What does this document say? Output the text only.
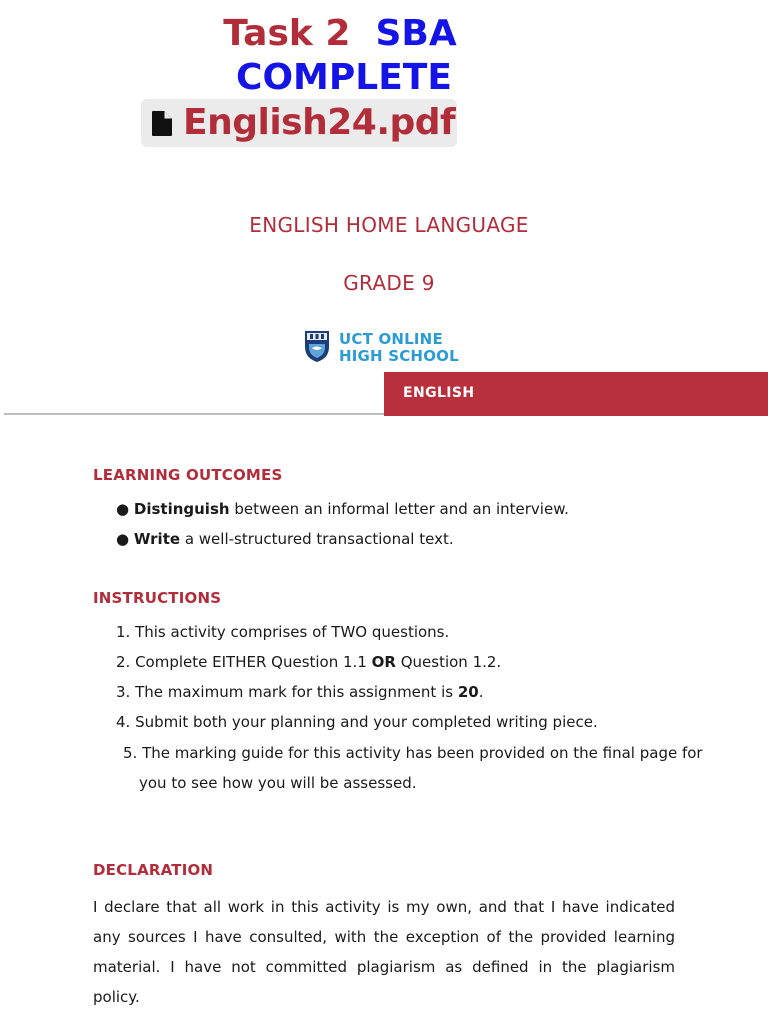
Task 2 SBA
COMPLETE
English24.pdf
ENGLISH HOME LANGUAGE
GRADE 9
UCT ONLINE
HIGH SCHOOL
ENGLISH
LEARNING OUTCOMES
● Distinguish between an informal letter and an interview.
● Write a well-structured transactional text.
INSTRUCTIONS
1. This activity comprises of TWO questions.
2. Complete EITHER Question 1.1 OR Question 1.2.
3. The maximum mark for this assignment is 20.
4. Submit both your planning and your completed writing piece.
5. The marking guide for this activity has been provided on the final page for
you to see how you will be assessed.
DECLARATION
I declare that all work in this activity is my own, and that I have indicated any sources I have consulted, with the exception of the provided learning material. I have not committed plagiarism as defined in the plagiarism policy.
